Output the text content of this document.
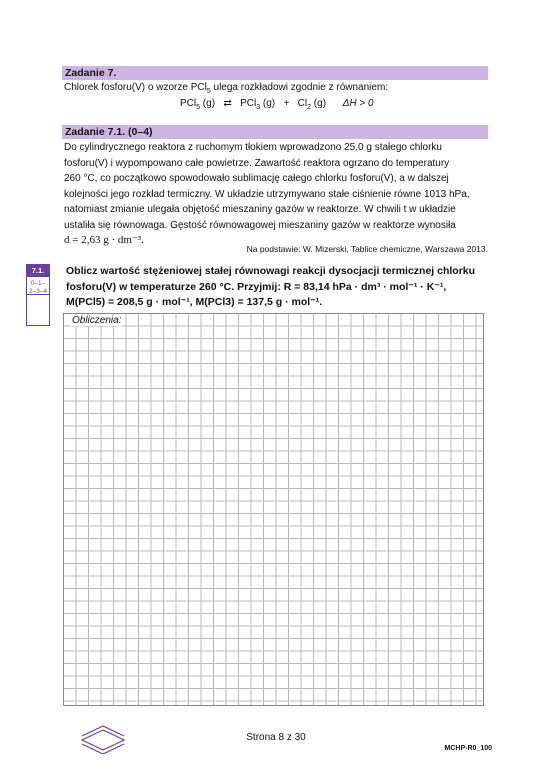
Zadanie 7.
Chlorek fosforu(V) o wzorze PCl$_5$ ulega rozkładowi zgodnie z równaniem:
PCl$_5$ (g) ⇄ PCl$_3$ $(g) + Cl_2$ (g) ΔH > 0
Zadanie 7.1. (0–4)
Do cylindrycznego reaktora z ruchomym tłokiem wprowadzono 25,0 g stałego chlorku
fosforu(V) i wypompowano całe powietrze. Zawartość reaktora ogrzano do temperatury
260 °C, co początkowo spowodowało sublimację całego chlorku fosforu(V), a w dalszej
kolejności jego rozkład termiczny. W układzie utrzymywano stałe ciśnienie równe 1013 hPa,
natomiast zmianie ulegała objętość mieszaniny gazów w reaktorze. W chwili t w układzie
ustaliła się równowaga. Gęstość równowagowej mieszaniny gazów w reaktorze wynosiła
d = 2,63 g · dm⁻³.
Na podstawie: W. Mizerski, Tablice chemiczne, Warszawa 2013.
7.1.
0–1–
2–3–4
Oblicz wartość stężeniowej stałej równowagi reakcji dysocjacji termicznej chlorku
fosforu(V) w temperaturze 260 °C. Przyjmij: R = 83,14 hPa · dm³ · mol⁻¹ · K⁻¹,
M(PCl5) = 208,5 g · mol⁻¹, M(PCl3) = 137,5 g · mol⁻¹.
Obliczenia:
Strona 8 z 30
MCHP-R0_100
